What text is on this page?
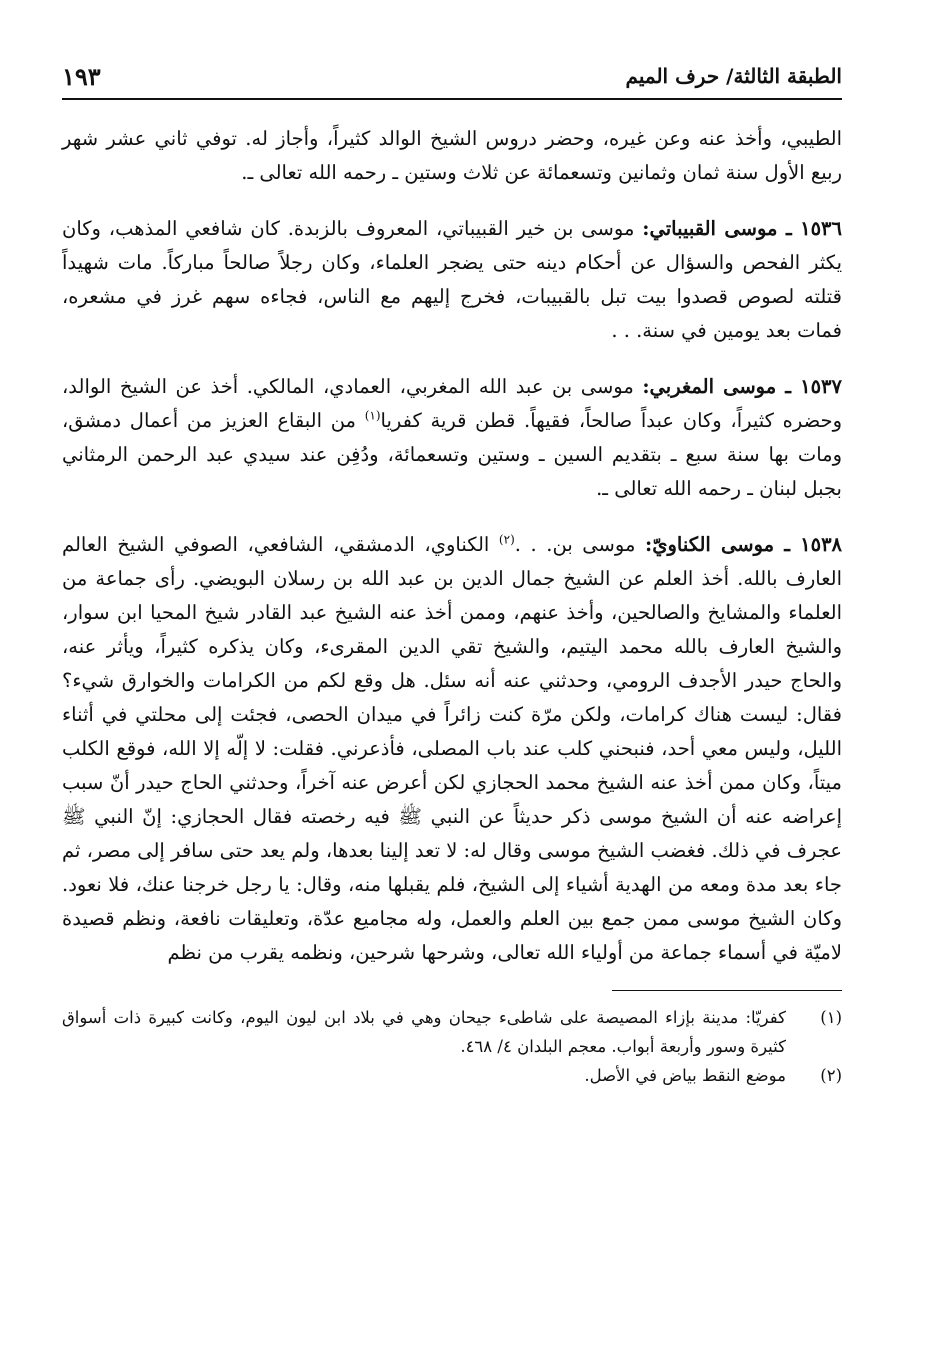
الطبقة الثالثة/ حرف الميم
١٩٣

الطيبي، وأخذ عنه وعن غيره، وحضر دروس الشيخ الوالد كثيراً، وأجاز له. توفي ثاني عشر شهر ربيع الأول سنة ثمان وثمانين وتسعمائة عن ثلاث وستين ـ رحمه الله تعالى ـ.

١٥٣٦ ـ موسى القبيباتي: موسى بن خير القبيباتي، المعروف بالزبدة. كان شافعي المذهب، وكان يكثر الفحص والسؤال عن أحكام دينه حتى يضجر العلماء، وكان رجلاً صالحاً مباركاً. مات شهيداً قتلته لصوص قصدوا بيت تبل بالقبيبات، فخرج إليهم مع الناس، فجاءه سهم غرز في مشعره، فمات بعد يومين في سنة. . .

١٥٣٧ ـ موسى المغربي: موسى بن عبد الله المغربي، العمادي، المالكي. أخذ عن الشيخ الوالد، وحضره كثيراً، وكان عبداً صالحاً، فقيهاً. قطن قرية كفريا$^{(١)}$ من البقاع العزيز من أعمال دمشق، ومات بها سنة سبع ـ بتقديم السين ـ وستين وتسعمائة، ودُفِن عند سيدي عبد الرحمن الرمثاني بجبل لبنان ـ رحمه الله تعالى ـ.

١٥٣٨ ـ موسى الكناويّ: موسى بن. . .$^{(٢)}$ الكناوي، الدمشقي، الشافعي، الصوفي الشيخ العالم العارف بالله. أخذ العلم عن الشيخ جمال الدين بن عبد الله بن رسلان البويضي. رأى جماعة من العلماء والمشايخ والصالحين، وأخذ عنهم، وممن أخذ عنه الشيخ عبد القادر شيخ المحيا ابن سوار، والشيخ العارف بالله محمد اليتيم، والشيخ تقي الدين المقرىء، وكان يذكره كثيراً، ويأثر عنه، والحاج حيدر الأجدف الرومي، وحدثني عنه أنه سئل. هل وقع لكم من الكرامات والخوارق شيء؟ فقال: ليست هناك كرامات، ولكن مرّة كنت زائراً في ميدان الحصى، فجئت إلى محلتي في أثناء الليل، وليس معي أحد، فنبحني كلب عند باب المصلى، فأذعرني. فقلت: لا إلّه إلا الله، فوقع الكلب ميتاً، وكان ممن أخذ عنه الشيخ محمد الحجازي لكن أعرض عنه آخراً، وحدثني الحاج حيدر أنّ سبب إعراضه عنه أن الشيخ موسى ذكر حديثاً عن النبي ﷺ فيه رخصته فقال الحجازي: إنّ النبي ﷺ عجرف في ذلك. فغضب الشيخ موسى وقال له: لا تعد إلينا بعدها، ولم يعد حتى سافر إلى مصر، ثم جاء بعد مدة ومعه من الهدية أشياء إلى الشيخ، فلم يقبلها منه، وقال: يا رجل خرجنا عنك، فلا نعود. وكان الشيخ موسى ممن جمع بين العلم والعمل، وله مجاميع عدّة، وتعليقات نافعة، ونظم قصيدة لاميّة في أسماء جماعة من أولياء الله تعالى، وشرحها شرحين، ونظمه يقرب من نظم

(١)
كفريّا: مدينة بإزاء المصيصة على شاطىء جيحان وهي في بلاد ابن ليون اليوم، وكانت كبيرة ذات أسواق كثيرة وسور وأربعة أبواب. معجم البلدان ٤/ ٤٦٨.
(٢)
موضع النقط بياض في الأصل.
